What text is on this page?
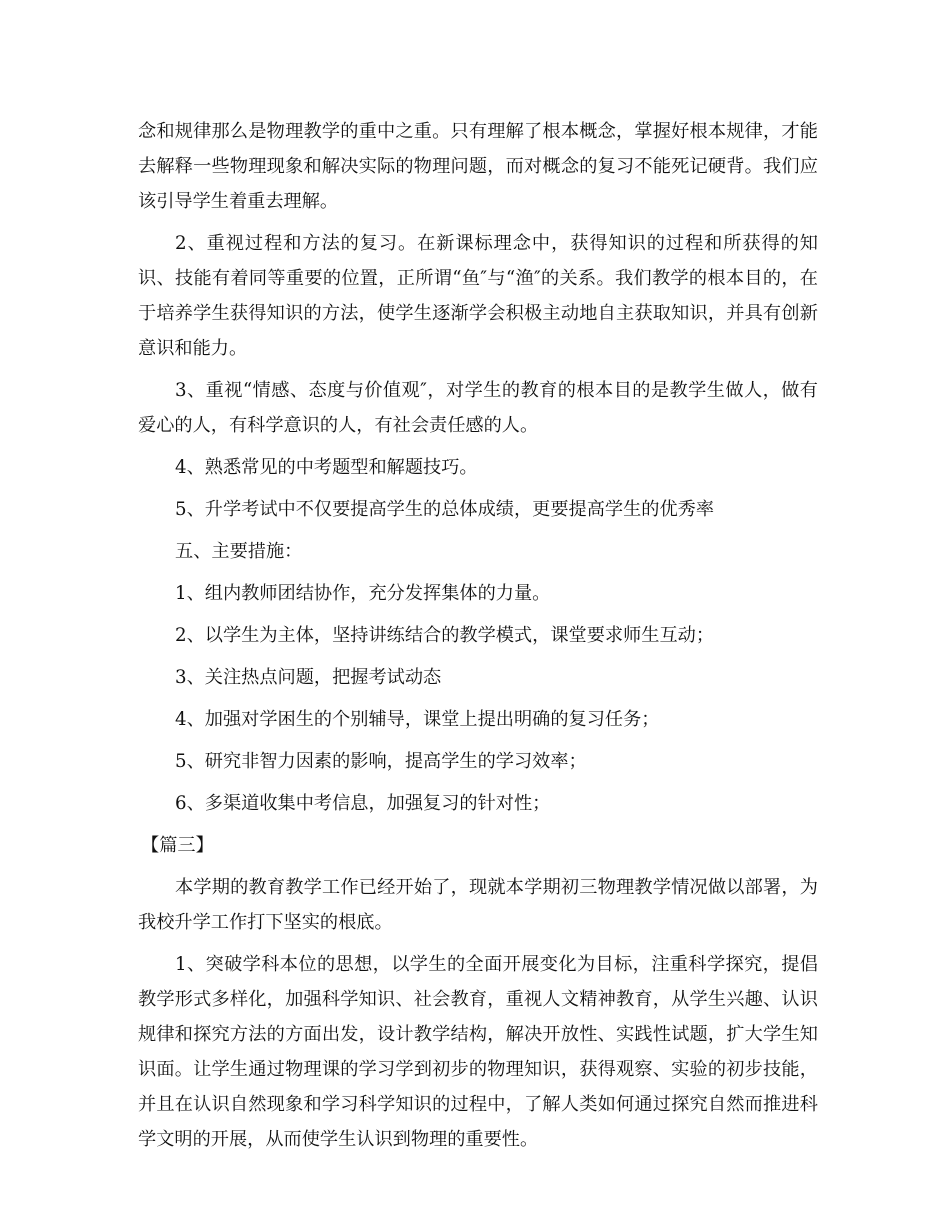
念和规律那么是物理教学的重中之重。只有理解了根本概念，掌握好根本规律，才能去解释一些物理现象和解决实际的物理问题，而对概念的复习不能死记硬背。我们应该引导学生着重去理解。

2、重视过程和方法的复习。在新课标理念中，获得知识的过程和所获得的知识、技能有着同等重要的位置，正所谓“鱼″与“渔″的关系。我们教学的根本目的，在于培养学生获得知识的方法，使学生逐渐学会积极主动地自主获取知识，并具有创新意识和能力。

3、重视“情感、态度与价值观″，对学生的教育的根本目的是教学生做人，做有爱心的人，有科学意识的人，有社会责任感的人。

4、熟悉常见的中考题型和解题技巧。

5、升学考试中不仅要提高学生的总体成绩，更要提高学生的优秀率

五、主要措施：

1、组内教师团结协作，充分发挥集体的力量。

2、以学生为主体，坚持讲练结合的教学模式，课堂要求师生互动；

3、关注热点问题，把握考试动态

4、加强对学困生的个别辅导，课堂上提出明确的复习任务；

5、研究非智力因素的影响，提高学生的学习效率；

6、多渠道收集中考信息，加强复习的针对性；

【篇三】

本学期的教育教学工作已经开始了，现就本学期初三物理教学情况做以部署，为我校升学工作打下坚实的根底。

1、突破学科本位的思想，以学生的全面开展变化为目标，注重科学探究，提倡教学形式多样化，加强科学知识、社会教育，重视人文精神教育，从学生兴趣、认识规律和探究方法的方面出发，设计教学结构，解决开放性、实践性试题，扩大学生知识面。让学生通过物理课的学习学到初步的物理知识，获得观察、实验的初步技能，并且在认识自然现象和学习科学知识的过程中，了解人类如何通过探究自然而推进科学文明的开展，从而使学生认识到物理的重要性。
